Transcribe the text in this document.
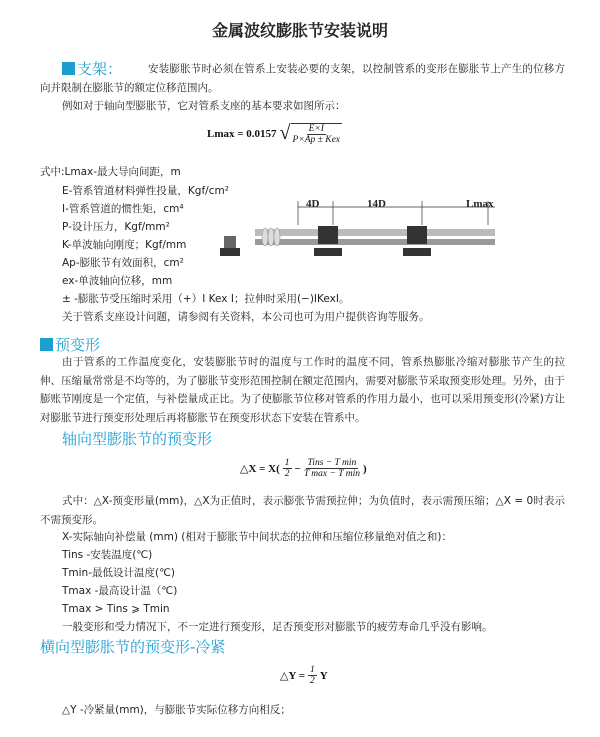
金属波纹膨胀节安装说明
支架：	安装膨胀节时必须在管系上安装必要的支架，以控制管系的变形在膨胀节上产生的位移方向并限制在膨胀节的额定位移范围内。
例如对于轴向型膨胀节，它对管系支座的基本要求如图所示：
Lmax = 0.0157 √ $\frac{E\times I}{\text{P×Ap ± Kex}}$
式中:Lmax-最大导向间距，m
E-管系管道材料弹性投量，Kgf/cm²
I-管系管道的惯性矩，cm⁴
P-设计压力，Kgf/mm²
K-单波轴向刚度；Kgf/mm
Ap-膨胀节有效面积，cm²
ex-单波轴向位移，mm
± -膨胀节受压缩时采用（+）I Kex I；拉伸时采用(−)IKexI。
关于管系支座设计问题，请参阅有关资料，本公司也可为用户提供咨询等服务。
4D	14D	Lmax
预变形
由于管系的工作温度变化，安装膨胀节时的温度与工作时的温度不同，管系热膨胀冷缩对膨胀节产生的拉伸、压缩量常常是不均等的，为了膨胀节变形范围控制在额定范围内，需要对膨胀节采取预变形处理。另外，由于膨账节刚度是一个定值，与补偿量成正比。为了使膨胀节位移对管系的作用力最小，也可以采用预变形(冷紧)方让对膨胀节进行预变形处理后再将膨胀节在预变形状态下安装在管系中。
轴向型膨胀节的预变形
△X = $X( \frac{1}{2} - \frac{\text{Tins − T min}}{\text{T max − T min}}$ )
式中：△X-预变形量(mm)，△X为正值时，表示膨张节需预拉伸；为负值时，表示需预压缩；△X = 0时表示不需预变形。
X-实际轴向补偿量 (mm) (相对于膨胀节中间状态的拉伸和压缩位移量绝对值之和)：
Tins -安装温度(℃)
Tmin-最低设计温度(℃)
Tmax -最高设计温（℃)
Tmax > Tins ⩾ Tmin
一般变形和受力情况下，不一定进行预变形，足否预变形对膨胀节的疲劳寿命几乎没有影响。
横向型膨胀节的预变形-冷紧
△Y = $\frac{1}{2}$ Y
△Y -冷紧量(mm)，与膨胀节实际位移方向相反；
